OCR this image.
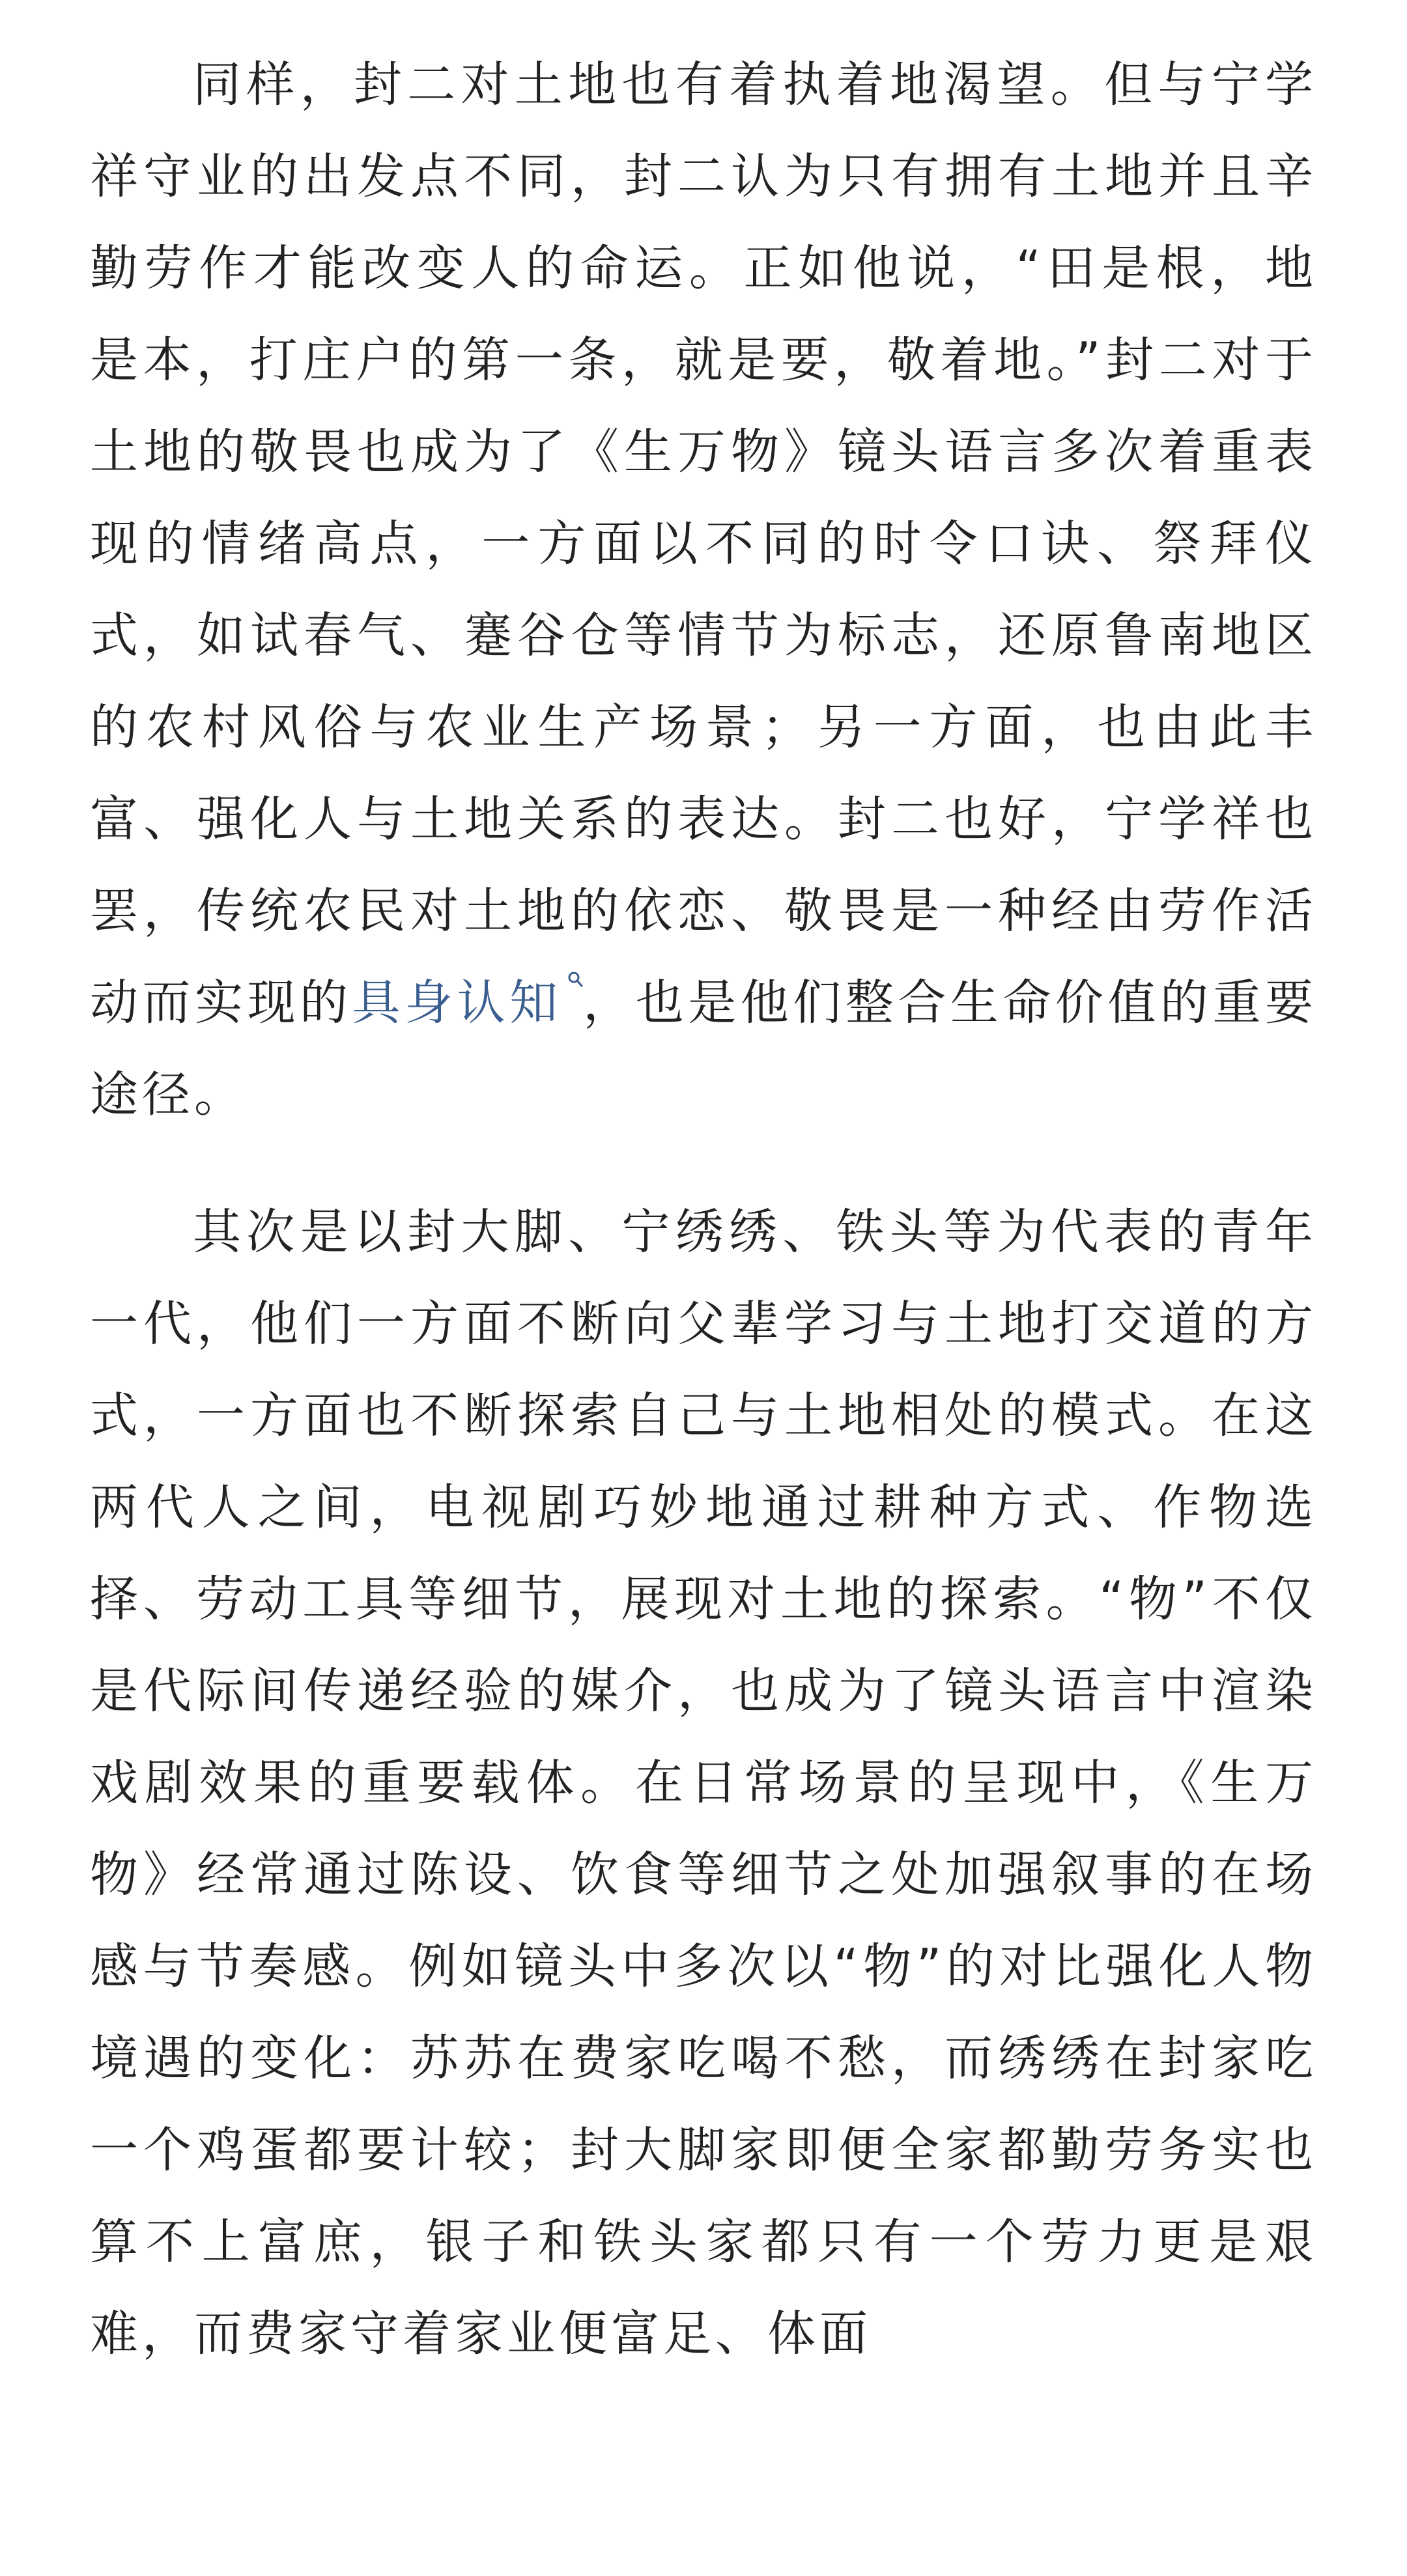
同样，封二对土地也有着执着地渴望。但与宁学祥守业的出发点不同，封二认为只有拥有土地并且辛勤劳作才能改变人的命运。正如他说，“田是根，地是本，打庄户的第一条，就是要，敬着地。”封二对于土地的敬畏也成为了《生万物》镜头语言多次着重表现的情绪高点，一方面以不同的时令口诀、祭拜仪式，如试春气、蹇谷仓等情节为标志，还原鲁南地区的农村风俗与农业生产场景；另一方面，也由此丰富、强化人与土地关系的表达。封二也好，宁学祥也罢，传统农民对土地的依恋、敬畏是一种经由劳作活动而实现的具身认知 ，也是他们整合生命价值的重要途径。

其次是以封大脚、宁绣绣、铁头等为代表的青年一代，他们一方面不断向父辈学习与土地打交道的方式，一方面也不断探索自己与土地相处的模式。在这两代人之间，电视剧巧妙地通过耕种方式、作物选择、劳动工具等细节，展现对土地的探索。“物”不仅是代际间传递经验的媒介，也成为了镜头语言中渲染戏剧效果的重要载体。在日常场景的呈现中，《生万物》经常通过陈设、饮食等细节之处加强叙事的在场感与节奏感。例如镜头中多次以“物”的对比强化人物境遇的变化：苏苏在费家吃喝不愁，而绣绣在封家吃一个鸡蛋都要计较；封大脚家即便全家都勤劳务实也算不上富庶，银子和铁头家都只有一个劳力更是艰难，而费家守着家业便富足、体面
